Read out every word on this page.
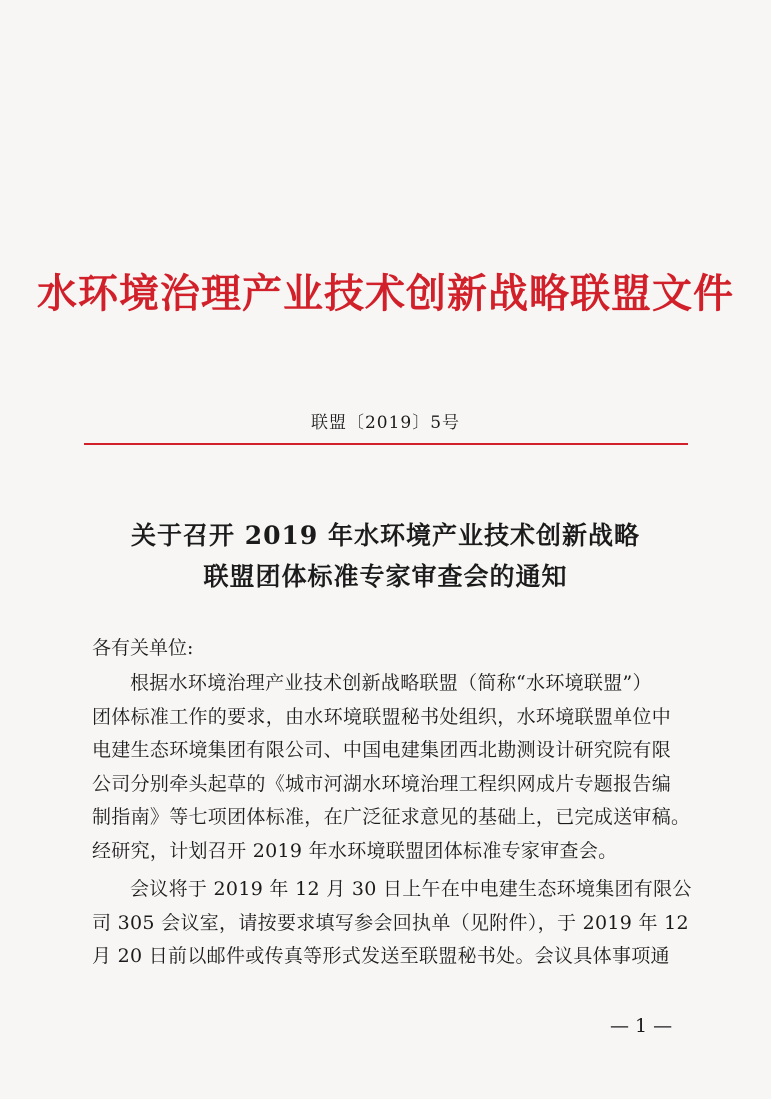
水环境治理产业技术创新战略联盟文件
联盟〔2019〕5号
关于召开 2019 年水环境产业技术创新战略
联盟团体标准专家审查会的通知
各有关单位:
根据水环境治理产业技术创新战略联盟（简称“水环境联盟”）
团体标准工作的要求，由水环境联盟秘书处组织，水环境联盟单位中
电建生态环境集团有限公司、中国电建集团西北勘测设计研究院有限
公司分别牵头起草的《城市河湖水环境治理工程织网成片专题报告编
制指南》等七项团体标准，在广泛征求意见的基础上，已完成送审稿。
经研究，计划召开 2019 年水环境联盟团体标准专家审查会。
会议将于 2019 年 12 月 30 日上午在中电建生态环境集团有限公
司 305 会议室，请按要求填写参会回执单（见附件），于 2019 年 12
月 20 日前以邮件或传真等形式发送至联盟秘书处。会议具体事项通
— 1 —
